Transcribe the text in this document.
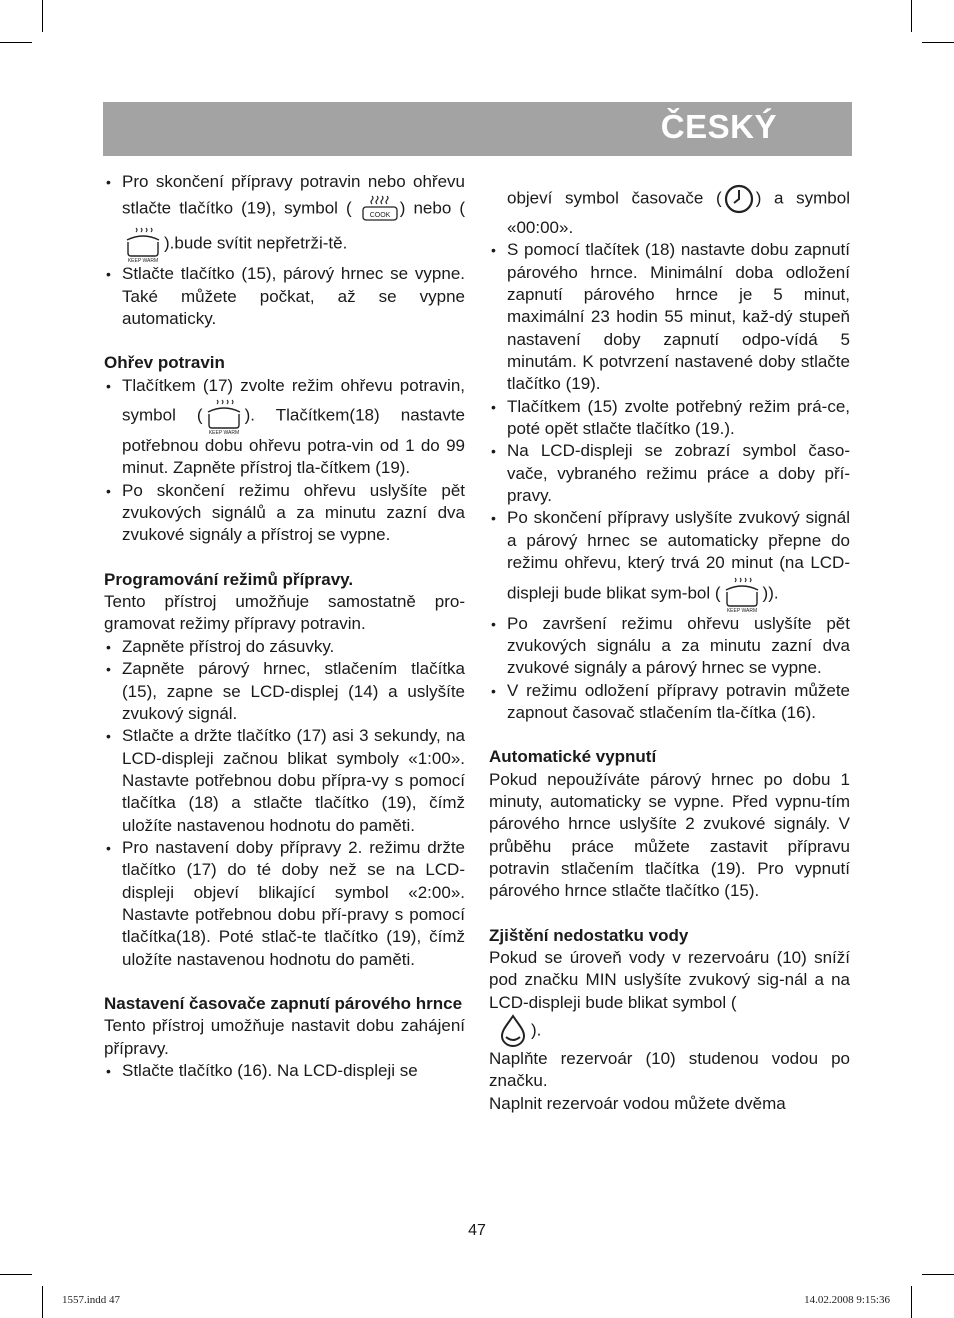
ČESKÝ

• Pro skončení přípravy potravin nebo ohřevu stlačte tlačítko (19), symbol (	COOK ) nebo (
KEEP WARM
).bude svítit nepřetrži-tě.

• Stlačte tlačítko (15), párový hrnec se vypne. Také můžete počkat, až se vypne automaticky.

Ohřev potravin

• Tlačítkem (17) zvolte režim ohřevu potravin, symbol (
KEEP WARM
). Tlačítkem(18) nastavte potřebnou dobu ohřevu potra-vin od 1 do 99 minut. Zapněte přístroj tla-čítkem (19).

• Po skončení režimu ohřevu uslyšíte pět zvukových signálů a za minutu zazní dva zvukové signály a přístroj se vypne.

Programování režimů přípravy.

Tento přístroj umožňuje samostatně pro-gramovat režimy přípravy potravin.

• Zapněte přístroj do zásuvky.

• Zapněte párový hrnec, stlačením tlačítka (15), zapne se LCD-displej (14) a uslyšíte zvukový signál.

• Stlačte a držte tlačítko (17) asi 3 sekundy, na LCD-displeji začnou blikat symboly «1:00». Nastavte potřebnou dobu přípra-vy s pomocí tlačítka (18) a stlačte tlačítko (19), čímž uložíte nastavenou hodnotu do paměti.

• Pro nastavení doby přípravy 2. režimu držte tlačítko (17) do té doby než se na LCD-displeji objeví blikající symbol «2:00». Nastavte potřebnou dobu pří-pravy s pomocí tlačítka(18). Poté stlač-te tlačítko (19), čímž uložíte nastavenou hodnotu do paměti.

Nastavení časovače zapnutí párového hrnce

Tento přístroj umožňuje nastavit dobu zahájení přípravy.

• Stlačte tlačítko (16). Na LCD-displeji se

objeví symbol časovače ( ) a symbol «00:00».

• S pomocí tlačítek (18) nastavte dobu zapnutí párového hrnce. Minimální doba odložení zapnutí párového hrnce je 5 minut, maximální 23 hodin 55 minut, kaž-dý stupeň nastavení doby zapnutí odpo-vídá 5 minutám. K potvrzení nastavené doby stlačte tlačítko (19).

• Tlačítkem (15) zvolte potřebný režim prá-ce, poté opět stlačte tlačítko (19.).

• Na LCD-displeji se zobrazí symbol časo-vače, vybraného režimu práce a doby pří-pravy.

• Po skončení přípravy uslyšíte zvukový signál a párový hrnec se automaticky přepne do režimu ohřevu, který trvá 20 minut (na LCD-displeji bude blikat sym-bol (
KEEP WARM
)).

• Po završení režimu ohřevu uslyšíte pět zvukových signálu a za minutu zazní dva zvukové signály a párový hrnec se vypne.

• V režimu odložení přípravy potravin můžete zapnout časovač stlačením tla-čítka (16).

Automatické vypnutí

Pokud nepoužíváte párový hrnec po dobu 1 minuty, automaticky se vypne. Před vypnu-tím párového hrnce uslyšíte 2 zvukové signály. V průběhu práce můžete zastavit přípravu potravin stlačením tlačítka (19). Pro vypnutí párového hrnce stlačte tlačítko (15).

Zjištění nedostatku vody

Pokud se úroveň vody v rezervoáru (10) sníží pod značku MIN uslyšíte zvukový sig-nál a na LCD-displeji bude blikat symbol (
).

Naplňte rezervoár (10) studenou vodou po značku.

Naplnit rezervoár vodou můžete dvěma

47
1557.indd 47	14.02.2008 9:15:36
